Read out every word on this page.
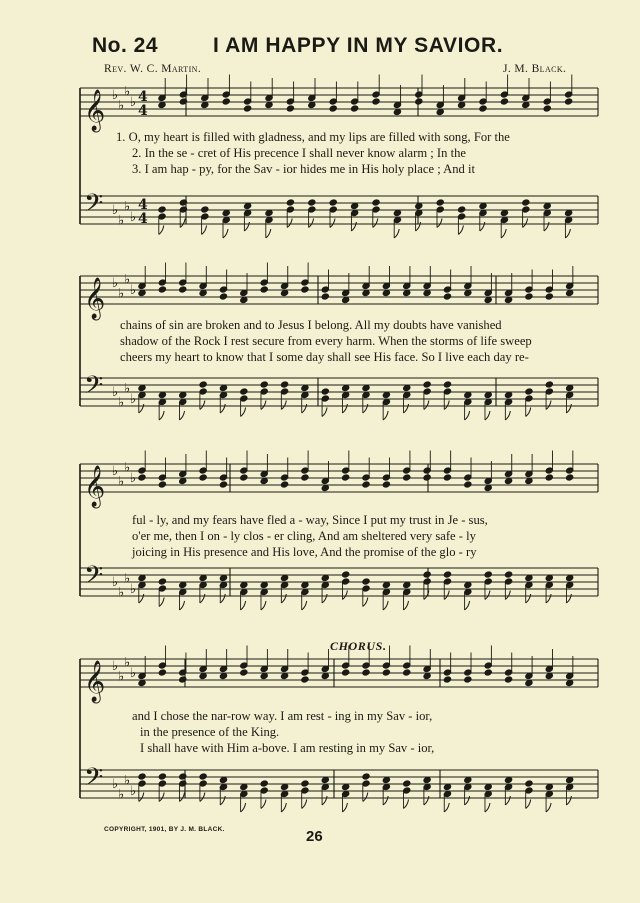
No. 24	I AM HAPPY IN MY SAVIOR.
Rev. W. C. Martin.	J. M. Black.
𝄞
𝄢
♭
♭
♭
♭
♭
♭
♭
♭
4
4
4
4
𝄞
𝄢
♭
♭
♭
♭
♭
♭
♭
♭
𝄞
𝄢
♭
♭
♭
♭
♭
♭
♭
♭
𝄞
𝄢
♭
♭
♭
♭
♭
♭
♭
♭
1. O, my heart is filled with gladness, and my lips are filled with song, For the
2. In the se - cret of His precence I shall never know alarm ; In the
3. I am hap - py, for the Sav - ior hides me in His holy place ; And it
chains of sin are broken and to Jesus I belong. All my doubts have vanished
shadow of the Rock I rest secure from every harm. When the storms of life sweep
cheers my heart to know that I some day shall see His face. So I live each day re-
ful - ly, and my fears have fled a - way, Since I put my trust in Je - sus,
o'er me, then I on - ly clos - er cling, And am sheltered very safe - ly
joicing in His presence and His love, And the promise of the glo - ry
CHORUS.
and I chose the nar-row way. I am rest - ing in my Sav - ior,
in the presence of the King.
I shall have with Him a-bove. I am resting in my Sav - ior,
COPYRIGHT, 1901, BY J. M. BLACK.	26
